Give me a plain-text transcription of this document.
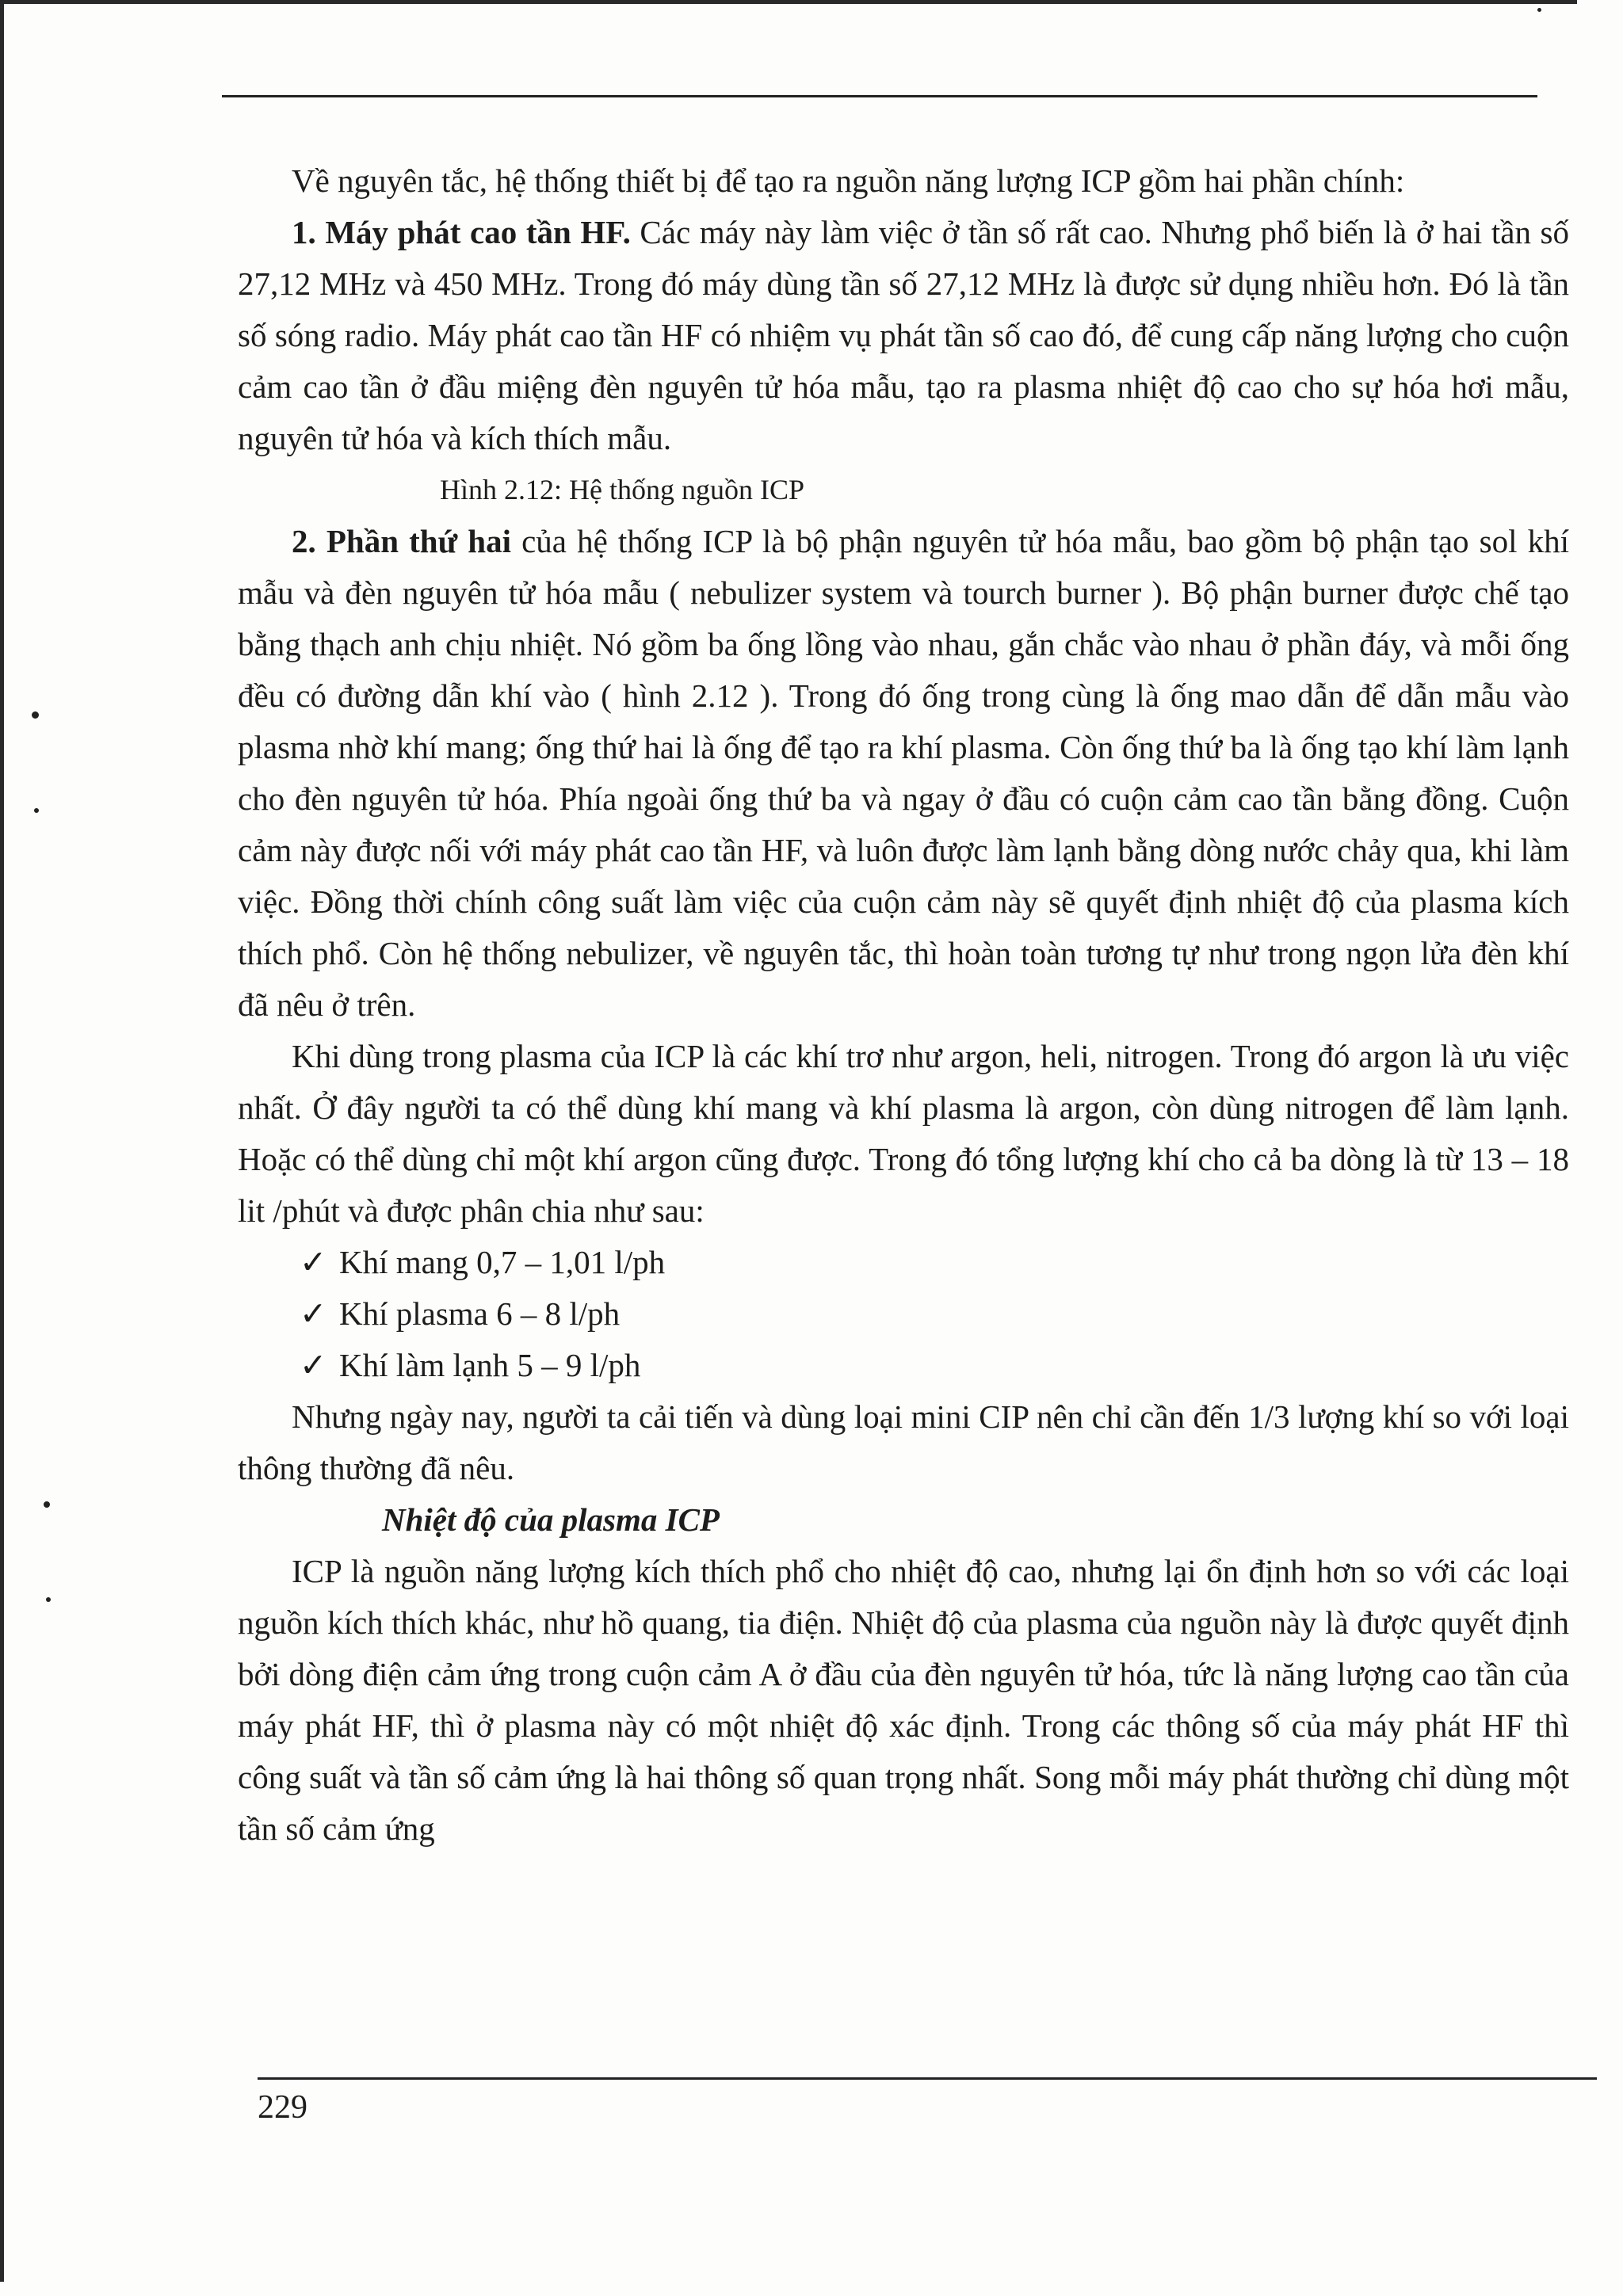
Về nguyên tắc, hệ thống thiết bị để tạo ra nguồn năng lượng ICP gồm hai phần chính:

1. Máy phát cao tần HF. Các máy này làm việc ở tần số rất cao. Nhưng phổ biến là ở hai tần số 27,12 MHz và 450 MHz. Trong đó máy dùng tần số 27,12 MHz là được sử dụng nhiều hơn. Đó là tần số sóng radio. Máy phát cao tần HF có nhiệm vụ phát tần số cao đó, để cung cấp năng lượng cho cuộn cảm cao tần ở đầu miệng đèn nguyên tử hóa mẫu, tạo ra plasma nhiệt độ cao cho sự hóa hơi mẫu, nguyên tử hóa và kích thích mẫu.

Hình 2.12: Hệ thống nguồn ICP

2. Phần thứ hai của hệ thống ICP là bộ phận nguyên tử hóa mẫu, bao gồm bộ phận tạo sol khí mẫu và đèn nguyên tử hóa mẫu ( nebulizer system và tourch burner ). Bộ phận burner được chế tạo bằng thạch anh chịu nhiệt. Nó gồm ba ống lồng vào nhau, gắn chắc vào nhau ở phần đáy, và mỗi ống đều có đường dẫn khí vào ( hình 2.12 ). Trong đó ống trong cùng là ống mao dẫn để dẫn mẫu vào plasma nhờ khí mang; ống thứ hai là ống để tạo ra khí plasma. Còn ống thứ ba là ống tạo khí làm lạnh cho đèn nguyên tử hóa. Phía ngoài ống thứ ba và ngay ở đầu có cuộn cảm cao tần bằng đồng. Cuộn cảm này được nối với máy phát cao tần HF, và luôn được làm lạnh bằng dòng nước chảy qua, khi làm việc. Đồng thời chính công suất làm việc của cuộn cảm này sẽ quyết định nhiệt độ của plasma kích thích phổ. Còn hệ thống nebulizer, về nguyên tắc, thì hoàn toàn tương tự như trong ngọn lửa đèn khí đã nêu ở trên.

Khi dùng trong plasma của ICP là các khí trơ như argon, heli, nitrogen. Trong đó argon là ưu việc nhất. Ở đây người ta có thể dùng khí mang và khí plasma là argon, còn dùng nitrogen để làm lạnh. Hoặc có thể dùng chỉ một khí argon cũng được. Trong đó tổng lượng khí cho cả ba dòng là từ 13 – 18 lit /phút và được phân chia như sau:

✓ Khí mang 0,7 – 1,01 l/ph

✓ Khí plasma 6 – 8 l/ph

✓ Khí làm lạnh 5 – 9 l/ph

Nhưng ngày nay, người ta cải tiến và dùng loại mini CIP nên chỉ cần đến 1/3 lượng khí so với loại thông thường đã nêu.

Nhiệt độ của plasma ICP

ICP là nguồn năng lượng kích thích phổ cho nhiệt độ cao, nhưng lại ổn định hơn so với các loại nguồn kích thích khác, như hồ quang, tia điện. Nhiệt độ của plasma của nguồn này là được quyết định bởi dòng điện cảm ứng trong cuộn cảm A ở đầu của đèn nguyên tử hóa, tức là năng lượng cao tần của máy phát HF, thì ở plasma này có một nhiệt độ xác định. Trong các thông số của máy phát HF thì công suất và tần số cảm ứng là hai thông số quan trọng nhất. Song mỗi máy phát thường chỉ dùng một tần số cảm ứng

229
